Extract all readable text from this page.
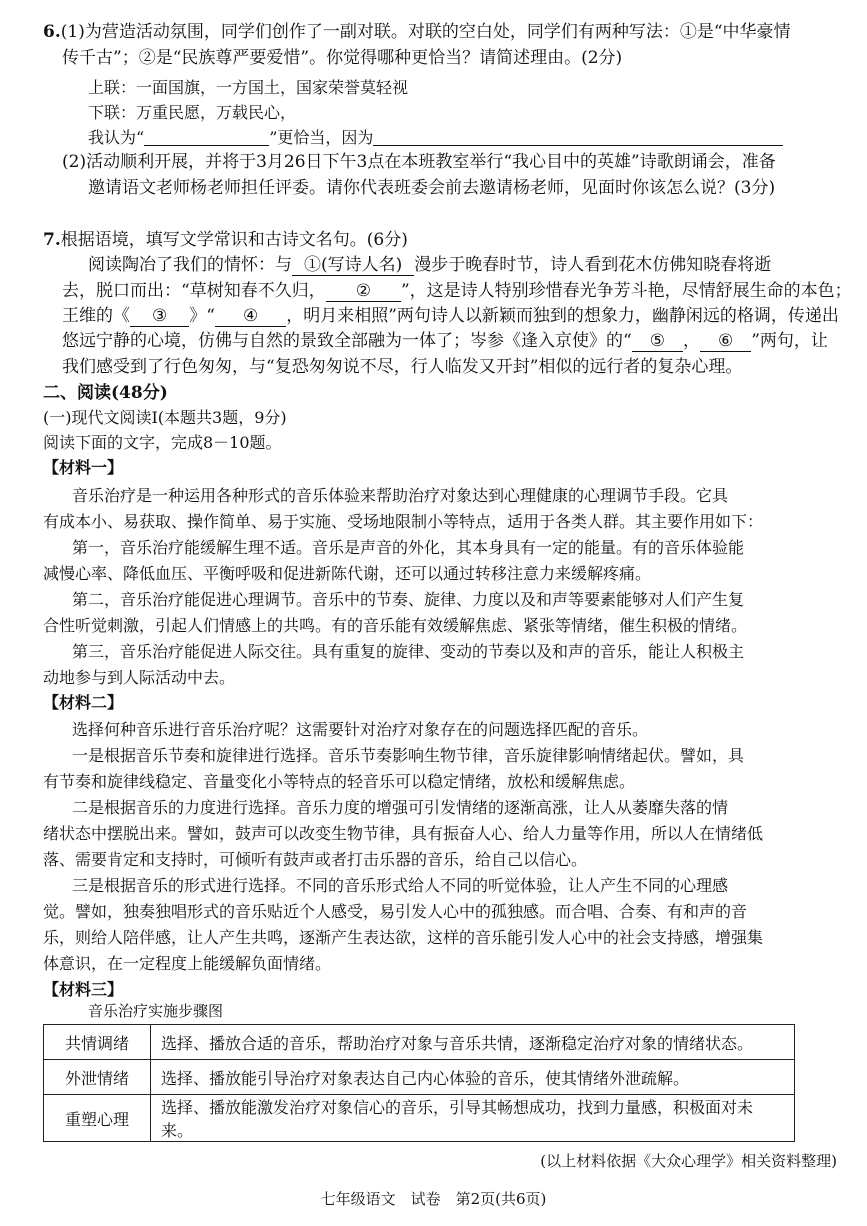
6.(1)为营造活动氛围，同学们创作了一副对联。对联的空白处，同学们有两种写法：①是“中华豪情
传千古”；②是“民族尊严要爱惜”。你觉得哪种更恰当？请简述理由。(2分)
上联：一面国旗，一方国土，国家荣誉莫轻视
下联：万重民愿，万载民心，
我认为“	”更恰当，因为
(2)活动顺利开展，并将于3月26日下午3点在本班教室举行“我心目中的英雄”诗歌朗诵会，准备
邀请语文老师杨老师担任评委。请你代表班委会前去邀请杨老师，见面时你该怎么说？(3分)
7.根据语境，填写文学常识和古诗文名句。(6分)
阅读陶冶了我们的情怀：与 ①(写诗人名) 漫步于晚春时节，诗人看到花木仿佛知晓春将逝
去，脱口而出：“草树知春不久归， ② ”，这是诗人特别珍惜春光争芳斗艳，尽情舒展生命的本色；
王维的《 ③ 》“ ④ ，明月来相照”两句诗人以新颖而独到的想象力，幽静闲远的格调，传递出
悠远宁静的心境，仿佛与自然的景致全部融为一体了；岑参《逢入京使》的“ ⑤ ， ⑥ ”两句，让
我们感受到了行色匆匆，与“复恐匆匆说不尽，行人临发又开封”相似的远行者的复杂心理。
二、阅读(48分)
(一)现代文阅读Ⅰ(本题共3题，9分)
阅读下面的文字，完成8－10题。
【材料一】
音乐治疗是一种运用各种形式的音乐体验来帮助治疗对象达到心理健康的心理调节手段。它具
有成本小、易获取、操作简单、易于实施、受场地限制小等特点，适用于各类人群。其主要作用如下：
第一，音乐治疗能缓解生理不适。音乐是声音的外化，其本身具有一定的能量。有的音乐体验能
减慢心率、降低血压、平衡呼吸和促进新陈代谢，还可以通过转移注意力来缓解疼痛。
第二，音乐治疗能促进心理调节。音乐中的节奏、旋律、力度以及和声等要素能够对人们产生复
合性听觉刺激，引起人们情感上的共鸣。有的音乐能有效缓解焦虑、紧张等情绪，催生积极的情绪。
第三，音乐治疗能促进人际交往。具有重复的旋律、变动的节奏以及和声的音乐，能让人积极主
动地参与到人际活动中去。
【材料二】
选择何种音乐进行音乐治疗呢？这需要针对治疗对象存在的问题选择匹配的音乐。
一是根据音乐节奏和旋律进行选择。音乐节奏影响生物节律，音乐旋律影响情绪起伏。譬如，具
有节奏和旋律线稳定、音量变化小等特点的轻音乐可以稳定情绪，放松和缓解焦虑。
二是根据音乐的力度进行选择。音乐力度的增强可引发情绪的逐渐高涨，让人从萎靡失落的情
绪状态中摆脱出来。譬如，鼓声可以改变生物节律，具有振奋人心、给人力量等作用，所以人在情绪低
落、需要肯定和支持时，可倾听有鼓声或者打击乐器的音乐，给自己以信心。
三是根据音乐的形式进行选择。不同的音乐形式给人不同的听觉体验，让人产生不同的心理感
觉。譬如，独奏独唱形式的音乐贴近个人感受，易引发人心中的孤独感。而合唱、合奏、有和声的音
乐，则给人陪伴感，让人产生共鸣，逐渐产生表达欲，这样的音乐能引发人心中的社会支持感，增强集
体意识，在一定程度上能缓解负面情绪。
【材料三】
音乐治疗实施步骤图
共情调绪	选择、播放合适的音乐，帮助治疗对象与音乐共情，逐渐稳定治疗对象的情绪状态。
外泄情绪	选择、播放能引导治疗对象表达自己内心体验的音乐，使其情绪外泄疏解。
重塑心理	选择、播放能激发治疗对象信心的音乐，引导其畅想成功，找到力量感，积极面对未来。
(以上材料依据《大众心理学》相关资料整理)
七年级语文　试卷　第2页(共6页)
